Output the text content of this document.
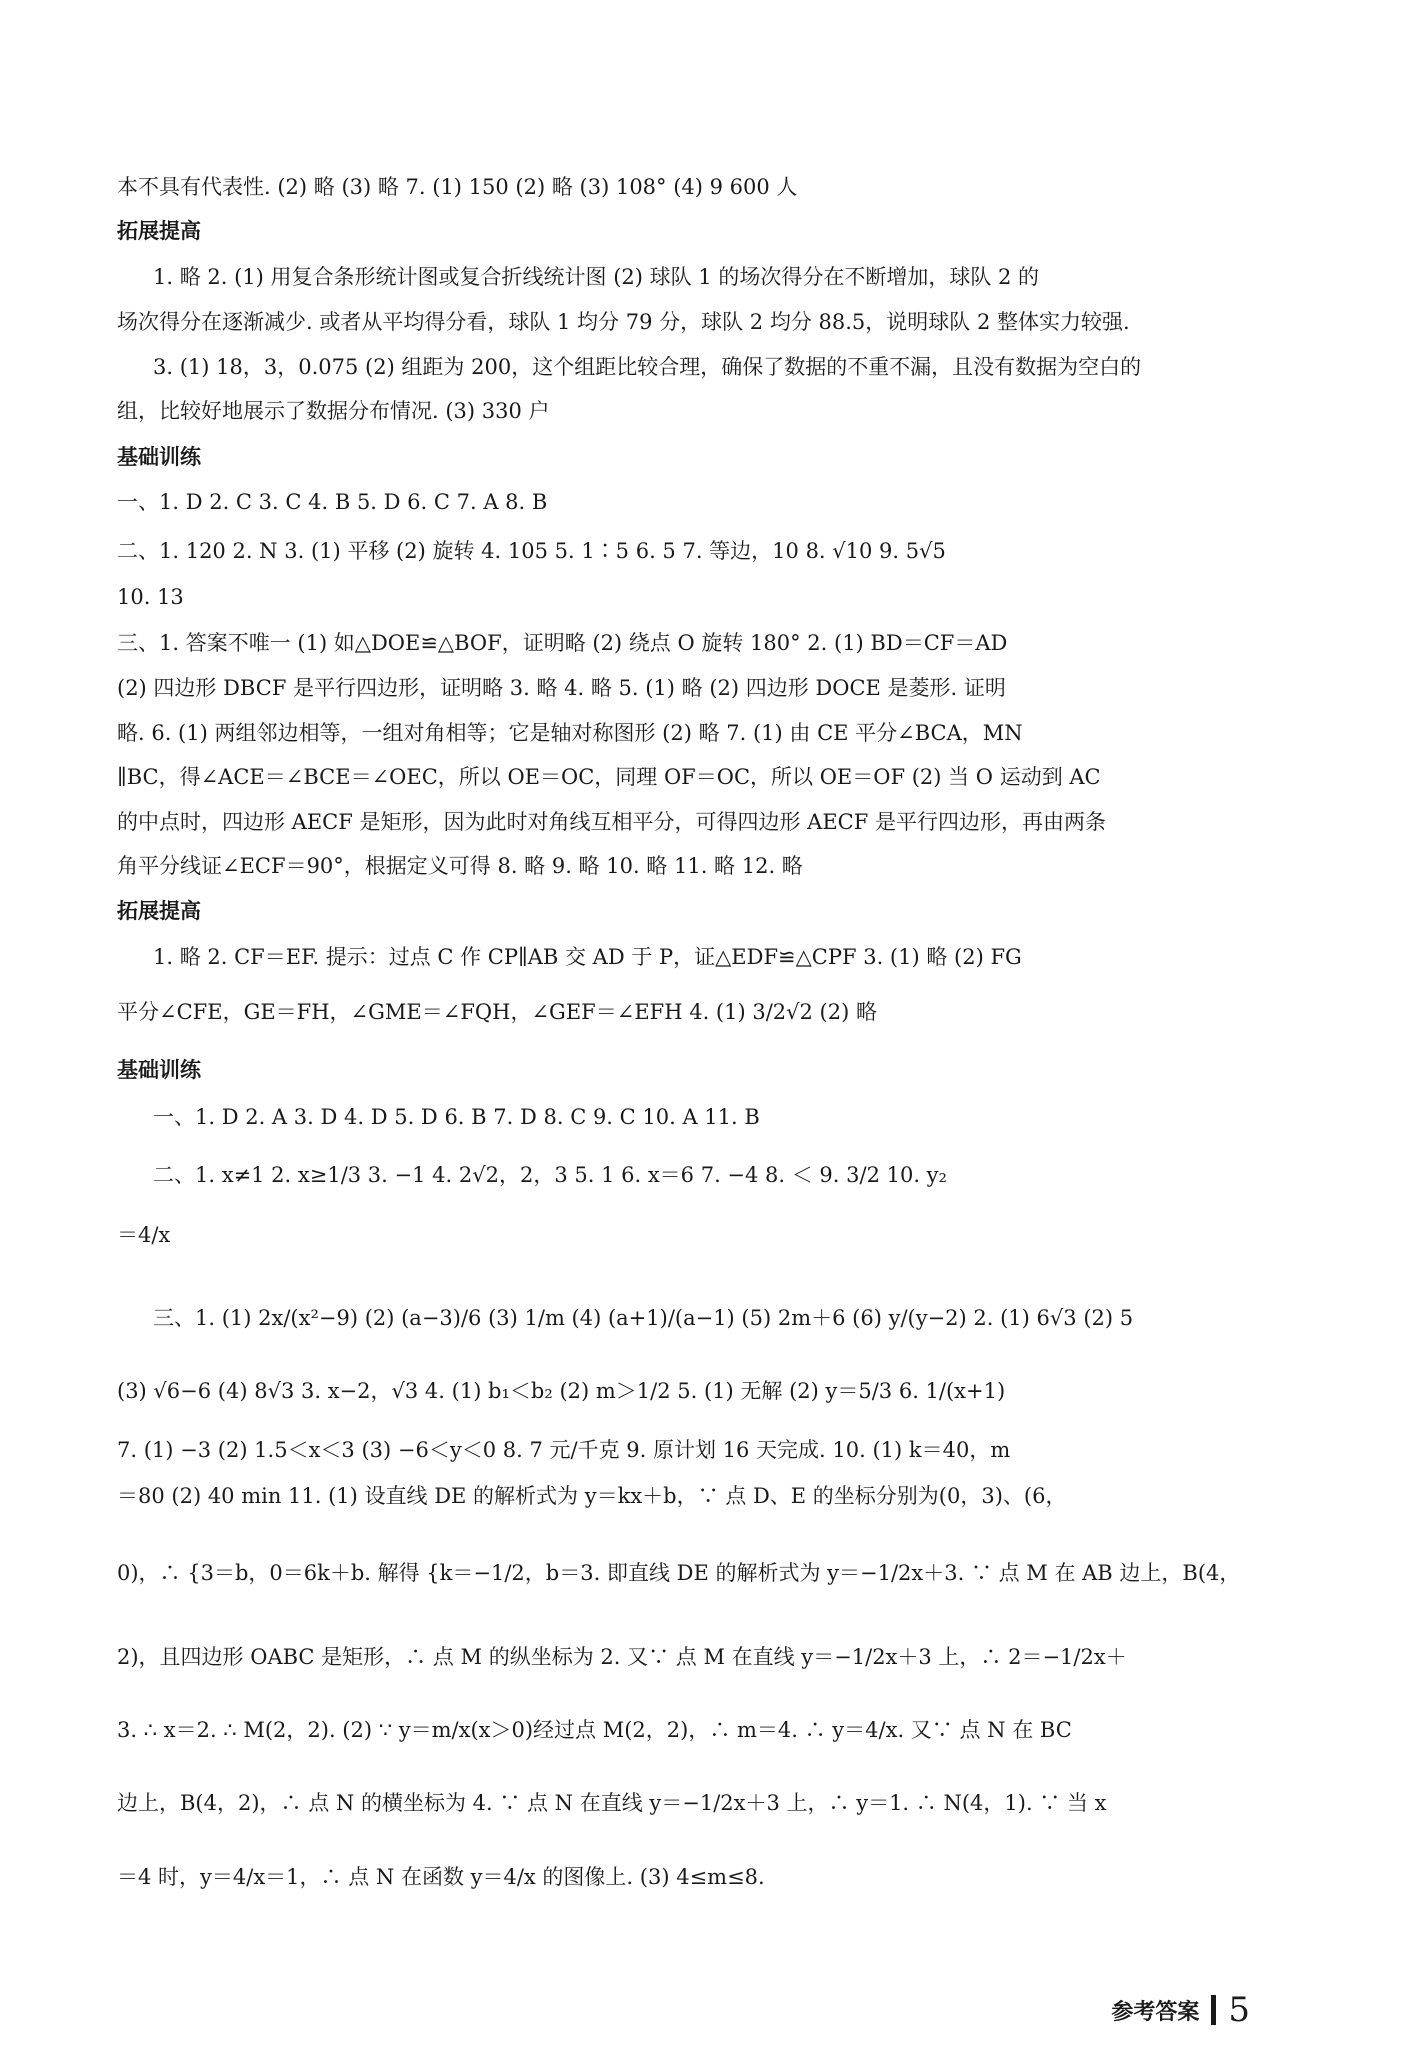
本不具有代表性. (2) 略 (3) 略 7. (1) 150 (2) 略 (3) 108° (4) 9 600 人
拓展提高
1. 略 2. (1) 用复合条形统计图或复合折线统计图 (2) 球队 1 的场次得分在不断增加，球队 2 的
场次得分在逐渐减少. 或者从平均得分看，球队 1 均分 79 分，球队 2 均分 88.5，说明球队 2 整体实力较强.
3. (1) 18，3，0.075 (2) 组距为 200，这个组距比较合理，确保了数据的不重不漏，且没有数据为空白的
组，比较好地展示了数据分布情况. (3) 330 户
基础训练
一、1. D 2. C 3. C 4. B 5. D 6. C 7. A 8. B
二、1. 120 2. N 3. (1) 平移 (2) 旋转 4. 105 5. 1∶5 6. 5 7. 等边，10 8. √10 9. 5√5
10. 13
三、1. 答案不唯一 (1) 如△DOE≌△BOF，证明略 (2) 绕点 O 旋转 180° 2. (1) BD＝CF＝AD
(2) 四边形 DBCF 是平行四边形，证明略 3. 略 4. 略 5. (1) 略 (2) 四边形 DOCE 是菱形. 证明
略. 6. (1) 两组邻边相等，一组对角相等；它是轴对称图形 (2) 略 7. (1) 由 CE 平分∠BCA，MN
∥BC，得∠ACE＝∠BCE＝∠OEC，所以 OE＝OC，同理 OF＝OC，所以 OE＝OF (2) 当 O 运动到 AC
的中点时，四边形 AECF 是矩形，因为此时对角线互相平分，可得四边形 AECF 是平行四边形，再由两条
角平分线证∠ECF＝90°，根据定义可得 8. 略 9. 略 10. 略 11. 略 12. 略
拓展提高
1. 略 2. CF＝EF. 提示：过点 C 作 CP∥AB 交 AD 于 P，证△EDF≌△CPF 3. (1) 略 (2) FG
平分∠CFE，GE＝FH，∠GME＝∠FQH，∠GEF＝∠EFH 4. (1) 3/2√2 (2) 略
基础训练
一、1. D 2. A 3. D 4. D 5. D 6. B 7. D 8. C 9. C 10. A 11. B
二、1. x≠1 2. x≥1/3 3. −1 4. 2√2，2，3 5. 1 6. x＝6 7. −4 8. ＜ 9. 3/2 10. y₂
＝4/x
三、1. (1) 2x/(x²−9) (2) (a−3)/6 (3) 1/m (4) (a+1)/(a−1) (5) 2m＋6 (6) y/(y−2) 2. (1) 6√3 (2) 5
(3) √6−6 (4) 8√3 3. x−2，√3 4. (1) b₁＜b₂ (2) m＞1/2 5. (1) 无解 (2) y＝5/3 6. 1/(x+1)
7. (1) −3 (2) 1.5＜x＜3 (3) −6＜y＜0 8. 7 元/千克 9. 原计划 16 天完成. 10. (1) k＝40，m
＝80 (2) 40 min 11. (1) 设直线 DE 的解析式为 y＝kx＋b，∵ 点 D、E 的坐标分别为(0，3)、(6，
0)，∴ {3＝b，0＝6k＋b. 解得 {k＝−1/2，b＝3. 即直线 DE 的解析式为 y＝−1/2x＋3. ∵ 点 M 在 AB 边上，B(4，
2)，且四边形 OABC 是矩形，∴ 点 M 的纵坐标为 2. 又∵ 点 M 在直线 y＝−1/2x＋3 上，∴ 2＝−1/2x＋
3. ∴ x＝2. ∴ M(2，2). (2) ∵ y＝m/x(x＞0)经过点 M(2，2)，∴ m＝4. ∴ y＝4/x. 又∵ 点 N 在 BC
边上，B(4，2)，∴ 点 N 的横坐标为 4. ∵ 点 N 在直线 y＝−1/2x＋3 上，∴ y＝1. ∴ N(4，1). ∵ 当 x
＝4 时，y＝4/x＝1，∴ 点 N 在函数 y＝4/x 的图像上. (3) 4≤m≤8.
参考答案 5
